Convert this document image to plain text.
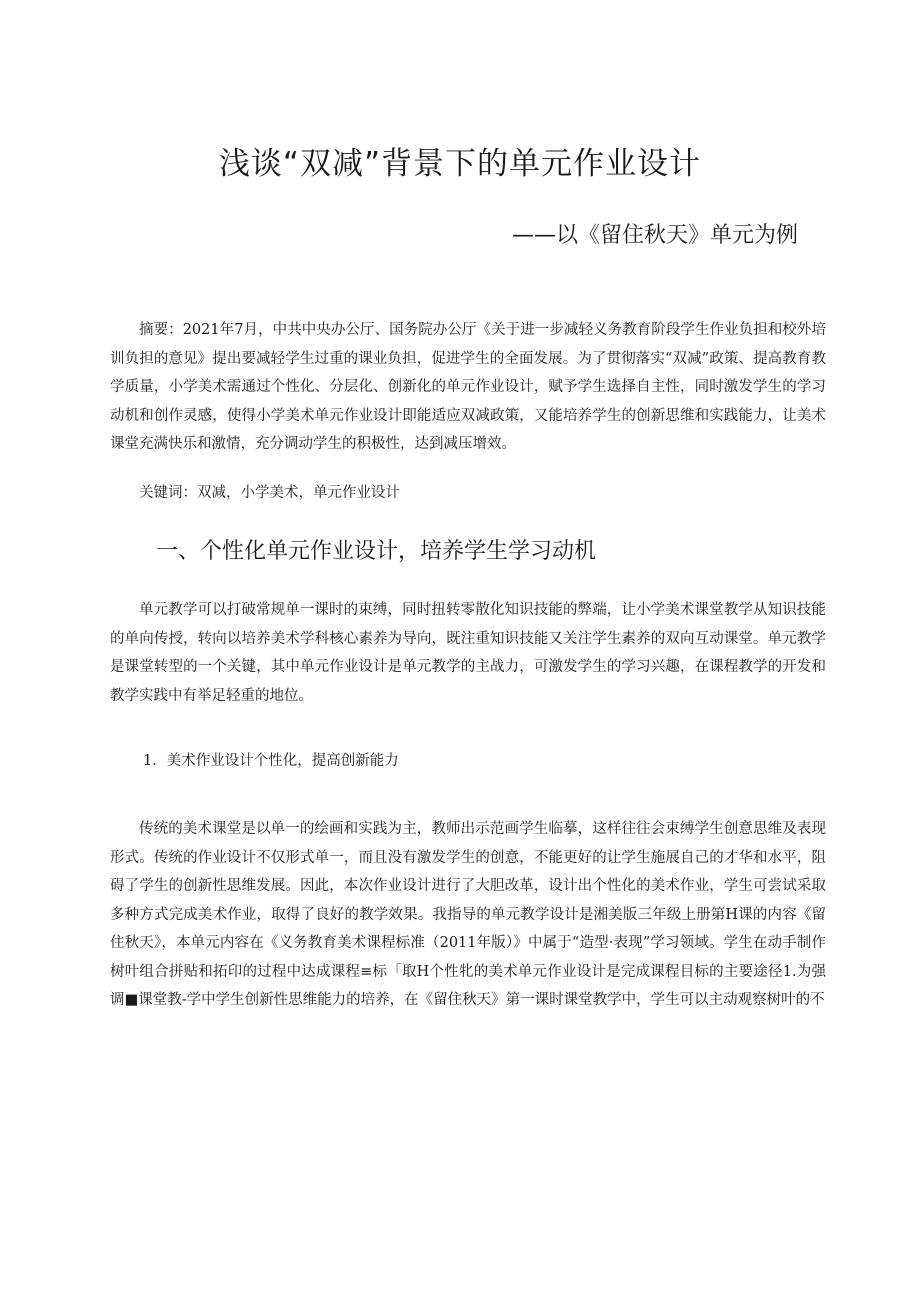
浅谈“双减”背景下的单元作业设计
——以《留住秋天》单元为例

摘要：2021年7月，中共中央办公厅、国务院办公厅《关于进一步减轻义务教育阶段学生作业负担和校外培训负担的意见》提出要减轻学生过重的课业负担，促进学生的全面发展。为了贯彻落实“双减”政策、提高教育教学质量，小学美术需通过个性化、分层化、创新化的单元作业设计，赋予学生选择自主性，同时激发学生的学习动机和创作灵感，使得小学美术单元作业设计即能适应双减政策，又能培养学生的创新思维和实践能力，让美术课堂充满快乐和激情，充分调动学生的积极性，达到减压增效。

关键词：双减，小学美术，单元作业设计

一、个性化单元作业设计，培养学生学习动机

单元教学可以打破常规单一课时的束缚，同时扭转零散化知识技能的弊端，让小学美术课堂教学从知识技能的单向传授，转向以培养美术学科核心素养为导向，既注重知识技能又关注学生素养的双向互动课堂。单元教学是课堂转型的一个关键，其中单元作业设计是单元教学的主战力，可激发学生的学习兴趣，在课程教学的开发和教学实践中有举足轻重的地位。

1．美术作业设计个性化，提高创新能力

传统的美术课堂是以单一的绘画和实践为主，教师出示范画学生临摹，这样往往会束缚学生创意思维及表现形式。传统的作业设计不仅形式单一，而且没有激发学生的创意，不能更好的让学生施展自己的才华和水平，阻碍了学生的创新性思维发展。因此，本次作业设计进行了大胆改革，设计出个性化的美术作业，学生可尝试采取多种方式完成美术作业，取得了良好的教学效果。我指导的单元教学设计是湘美版三年级上册第H课的内容《留住秋天》，本单元内容在《义务教育美术课程标准（2011年版）》中属于“造型·表现”学习领域。学生在动手制作树叶组合拼贴和拓印的过程中达成课程≡标「取H个性牝的美术单元作业设计是完成课程目标的主要途径1.为强调■课堂教-学中学生创新性思维能力的培养，在《留住秋天》第一课时课堂教学中，学生可以主动观察树叶的不
